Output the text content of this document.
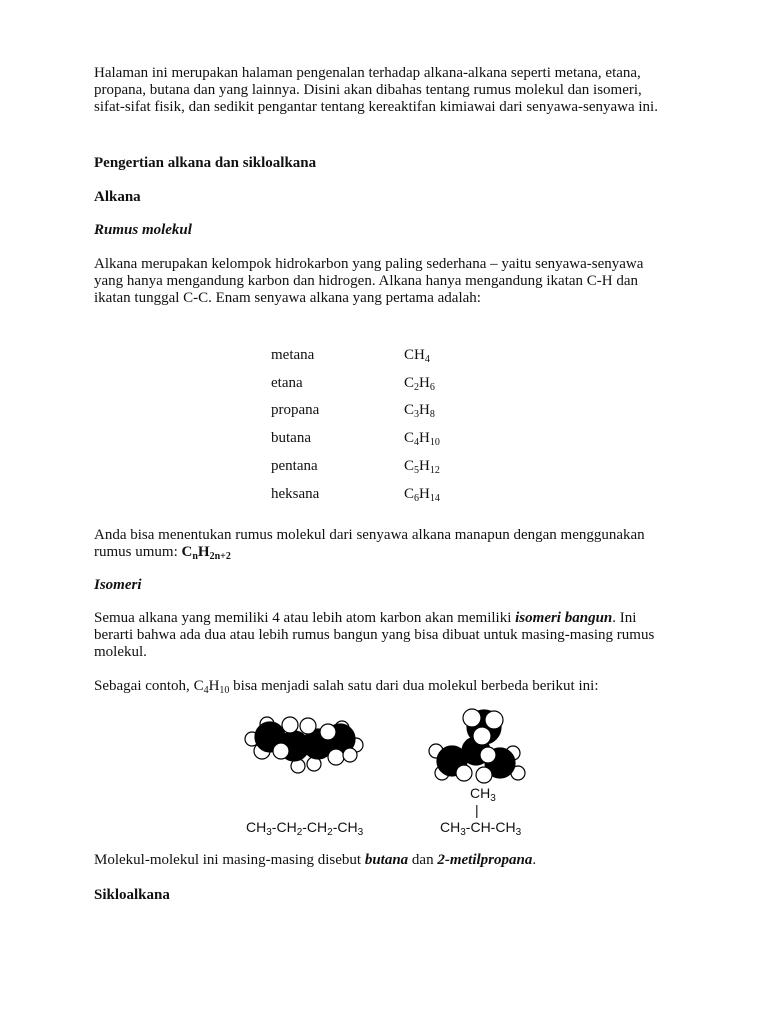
Halaman ini merupakan halaman pengenalan terhadap alkana-alkana seperti metana, etana,

propana, butana dan yang lainnya. Disini akan dibahas tentang rumus molekul dan isomeri,

sifat-sifat fisik, dan sedikit pengantar tentang kereaktifan kimiawai dari senyawa-senyawa ini.

Pengertian alkana dan sikloalkana

Alkana

Rumus molekul

Alkana merupakan kelompok hidrokarbon yang paling sederhana – yaitu senyawa-senyawa

yang hanya mengandung karbon dan hidrogen. Alkana hanya mengandung ikatan C-H dan

ikatan tunggal C-C. Enam senyawa alkana yang pertama adalah:

metana	$CH_4$
etana	$C_2H_6$
propana	$C_3H_8$
butana	$C_4H_{10}$
pentana	$C_5H_{12}$
heksana	$C_6H_{14}$

Anda bisa menentukan rumus molekul dari senyawa alkana manapun dengan menggunakan

rumus umum: $C_nH_{2n+2}$

Isomeri

Semua alkana yang memiliki 4 atau lebih atom karbon akan memiliki isomeri bangun. Ini

berarti bahwa ada dua atau lebih rumus bangun yang bisa dibuat untuk masing-masing rumus

molekul.

Sebagai contoh, $C_4H_{10}$ bisa menjadi salah satu dari dua molekul berbeda berikut ini:

$CH_3-CH_2-CH_2-CH_3$
$CH_3$
|
$CH_3-CH-CH_3$

Molekul-molekul ini masing-masing disebut butana dan 2-metilpropana.

Sikloalkana
